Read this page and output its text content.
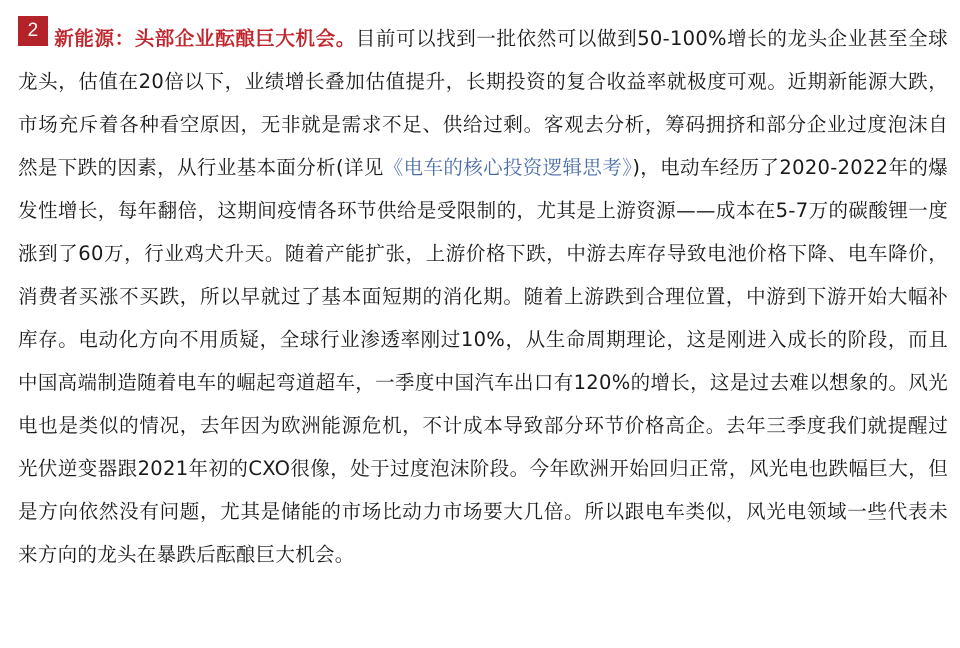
2 新能源：头部企业酝酿巨大机会。目前可以找到一批依然可以做到50-100%增长的龙头企业甚至全球龙头，估值在20倍以下，业绩增长叠加估值提升，长期投资的复合收益率就极度可观。近期新能源大跌，市场充斥着各种看空原因，无非就是需求不足、供给过剩。客观去分析，筹码拥挤和部分企业过度泡沫自然是下跌的因素，从行业基本面分析(详见《电车的核心投资逻辑思考》)，电动车经历了2020-2022年的爆发性增长，每年翻倍，这期间疫情各环节供给是受限制的，尤其是上游资源——成本在5-7万的碳酸锂一度涨到了60万，行业鸡犬升天。随着产能扩张，上游价格下跌，中游去库存导致电池价格下降、电车降价，消费者买涨不买跌，所以早就过了基本面短期的消化期。随着上游跌到合理位置，中游到下游开始大幅补库存。电动化方向不用质疑，全球行业渗透率刚过10%，从生命周期理论，这是刚进入成长的阶段，而且中国高端制造随着电车的崛起弯道超车，一季度中国汽车出口有120%的增长，这是过去难以想象的。风光电也是类似的情况，去年因为欧洲能源危机，不计成本导致部分环节价格高企。去年三季度我们就提醒过光伏逆变器跟2021年初的CXO很像，处于过度泡沫阶段。今年欧洲开始回归正常，风光电也跌幅巨大，但是方向依然没有问题，尤其是储能的市场比动力市场要大几倍。所以跟电车类似，风光电领域一些代表未来方向的龙头在暴跌后酝酿巨大机会。
